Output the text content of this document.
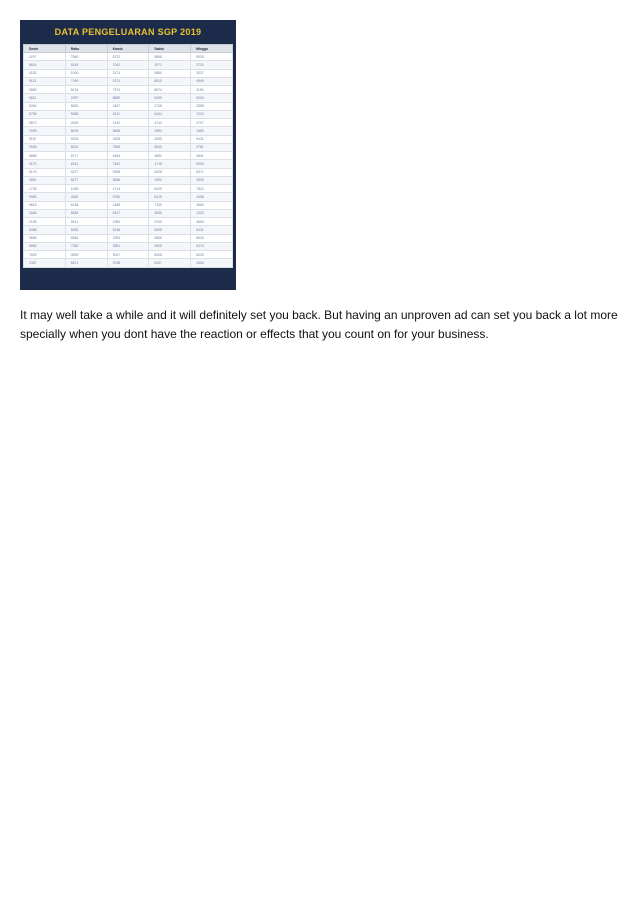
DATA PENGELUARAN SGP 2019
Senin	Rabu	Kamis	Sabtu	Minggu
1197	7860	8722	5858	5939
8616	5249	7042	1971	2729
4182	1900	3174	9850	3037
9113	7049	2371	8510	4949
0883	8134	7974	8674	1196
9811	2397	8889	9439	8054
5264	5826	3497	2708	3358
5755	5686	2411	5444	7242
9873	4945	1242	4742	4707
7699	8409	5698	4953	1580
9187	9304	1828	4055	9431
3926	8001	7869	6540	4781
8858	8717	4484	4892	4541
4170	6311	7452	1718	9004
9176	9377	0998	0028	9371
4851	8477	9836	1992	3539
1728	1069	1714	8429	7522
9983	4652	9780	8319	4458
9616	6158	1488	7339	3660
1666	5684	6317	3055	1203
2155	5511	1980	0705	4654
6088	5052	5136	9208	5431
9666	6864	2393	5856	8643
6869	7382	3981	9529	6174
7609	3890	3047	5408	6225
2367	5871	3798	5257	3454

It may well take a while and it will definitely set you back. But having an unproven ad can set you back a lot more specially when you dont have the reaction or effects that you count on for your business.
